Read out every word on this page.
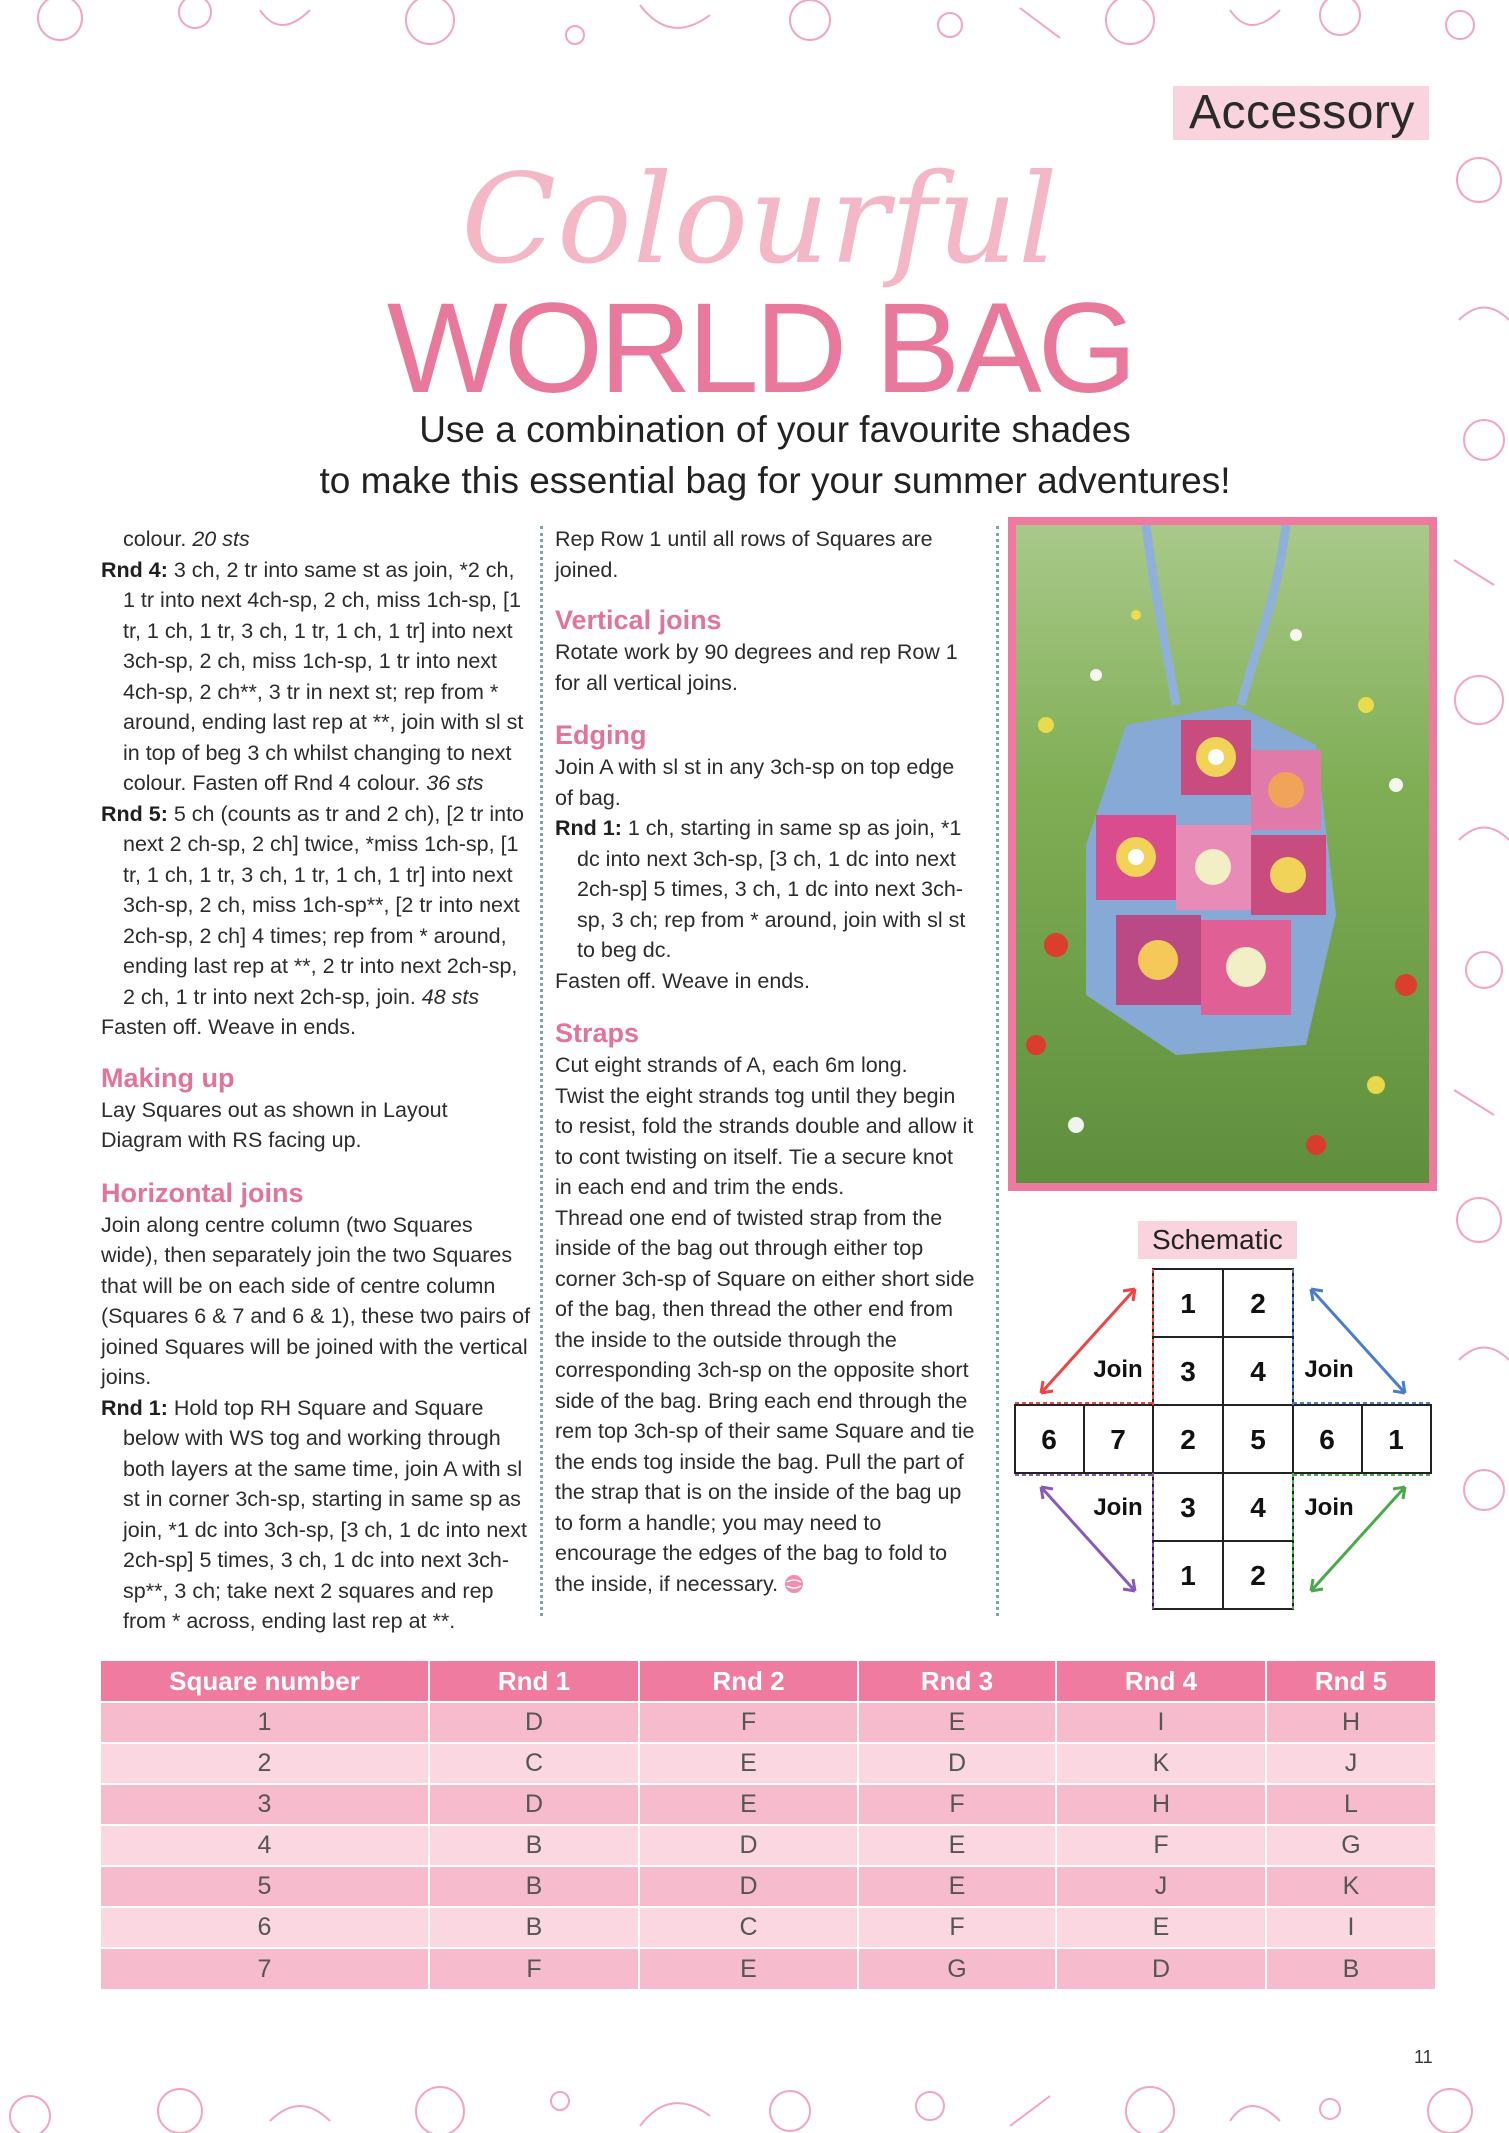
Accessory
Colourful
WORLD BAG
Use a combination of your favourite shades
to make this essential bag for your summer adventures!

colour. 20 sts

Rnd 4: 3 ch, 2 tr into same st as join, *2 ch, 1 tr into next 4ch-sp, 2 ch, miss 1ch-sp, [1 tr, 1 ch, 1 tr, 3 ch, 1 tr, 1 ch, 1 tr] into next 3ch-sp, 2 ch, miss 1ch-sp, 1 tr into next 4ch-sp, 2 ch**, 3 tr in next st; rep from * around, ending last rep at **, join with sl st in top of beg 3 ch whilst changing to next colour. Fasten off Rnd 4 colour. 36 sts

Rnd 5: 5 ch (counts as tr and 2 ch), [2 tr into next 2 ch-sp, 2 ch] twice, *miss 1ch-sp, [1 tr, 1 ch, 1 tr, 3 ch, 1 tr, 1 ch, 1 tr] into next 3ch-sp, 2 ch, miss 1ch-sp**, [2 tr into next 2ch-sp, 2 ch] 4 times; rep from * around, ending last rep at **, 2 tr into next 2ch-sp, 2 ch, 1 tr into next 2ch-sp, join. 48 sts

Fasten off. Weave in ends.

Making up

Lay Squares out as shown in Layout Diagram with RS facing up.

Horizontal joins

Join along centre column (two Squares wide), then separately join the two Squares that will be on each side of centre column (Squares 6 & 7 and 6 & 1), these two pairs of joined Squares will be joined with the vertical joins.

Rnd 1: Hold top RH Square and Square below with WS tog and working through both layers at the same time, join A with sl st in corner 3ch-sp, starting in same sp as join, *1 dc into 3ch-sp, [3 ch, 1 dc into next 2ch-sp] 5 times, 3 ch, 1 dc into next 3ch-sp**, 3 ch; take next 2 squares and rep from * across, ending last rep at **.

Rep Row 1 until all rows of Squares are joined.

Vertical joins

Rotate work by 90 degrees and rep Row 1 for all vertical joins.

Edging

Join A with sl st in any 3ch-sp on top edge of bag.

Rnd 1: 1 ch, starting in same sp as join, *1 dc into next 3ch-sp, [3 ch, 1 dc into next 2ch-sp] 5 times, 3 ch, 1 dc into next 3ch-sp, 3 ch; rep from * around, join with sl st to beg dc.

Fasten off. Weave in ends.

Straps

Cut eight strands of A, each 6m long.

Twist the eight strands tog until they begin to resist, fold the strands double and allow it to cont twisting on itself. Tie a secure knot in each end and trim the ends.

Thread one end of twisted strap from the inside of the bag out through either top corner 3ch-sp of Square on either short side of the bag, then thread the other end from the inside to the outside through the corresponding 3ch-sp on the opposite short side of the bag. Bring each end through the rem top 3ch-sp of their same Square and tie the ends tog inside the bag. Pull the part of the strap that is on the inside of the bag up to form a handle; you may need to encourage the edges of the bag to fold to the inside, if necessary.

Schematic
1 2
3 4
6 7 2 5 6 1
3 4
1 2
Join	Join
Join	Join
Square number	Rnd 1	Rnd 2	Rnd 3	Rnd 4	Rnd 5
1	D	F	E	I	H
2	C	E	D	K	J
3	D	E	F	H	L
4	B	D	E	F	G
5	B	D	E	J	K
6	B	C	F	E	I
7	F	E	G	D	B
11
